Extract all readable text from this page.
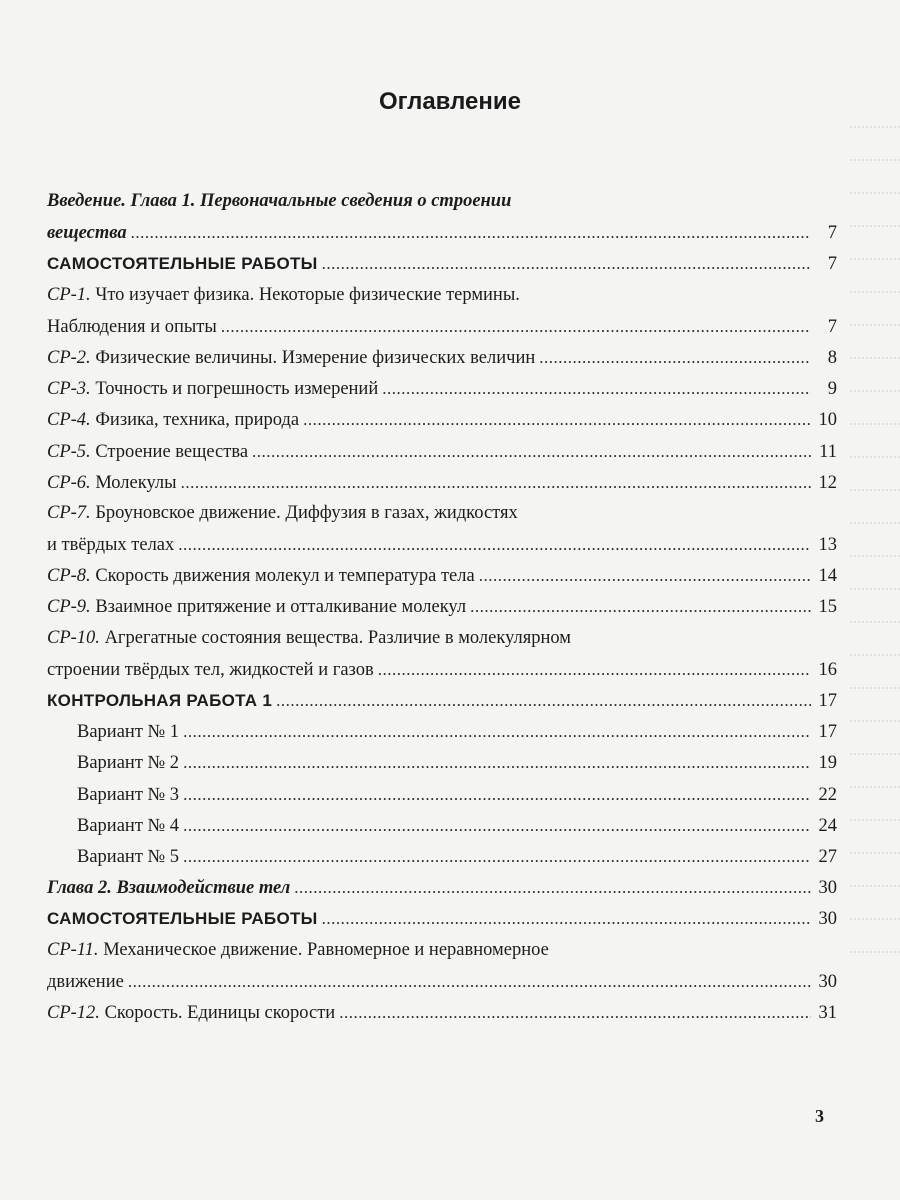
Оглавление
Введение. Глава 1. Первоначальные сведения о строении
вещества .....	7
САМОСТОЯТЕЛЬНЫЕ РАБОТЫ .....	7
СР-1. Что изучает физика. Некоторые физические термины.
Наблюдения и опыты .....	7
СР-2. Физические величины. Измерение физических величин .....	8
СР-3. Точность и погрешность измерений .....	9
СР-4. Физика, техника, природа .....	10
СР-5. Строение вещества .....	11
СР-6. Молекулы .....	12
СР-7. Броуновское движение. Диффузия в газах, жидкостях
и твёрдых телах .....	13
СР-8. Скорость движения молекул и температура тела .....	14
СР-9. Взаимное притяжение и отталкивание молекул .....	15
СР-10. Агрегатные состояния вещества. Различие в молекулярном
строении твёрдых тел, жидкостей и газов .....	16
КОНТРОЛЬНАЯ РАБОТА 1 .....	17
Вариант № 1 .....	17
Вариант № 2 .....	19
Вариант № 3 .....	22
Вариант № 4 .....	24
Вариант № 5 .....	27
Глава 2. Взаимодействие тел .....	30
САМОСТОЯТЕЛЬНЫЕ РАБОТЫ .....	30
СР-11. Механическое движение. Равномерное и неравномерное
движение .....	30
СР-12. Скорость. Единицы скорости .....	31
3
